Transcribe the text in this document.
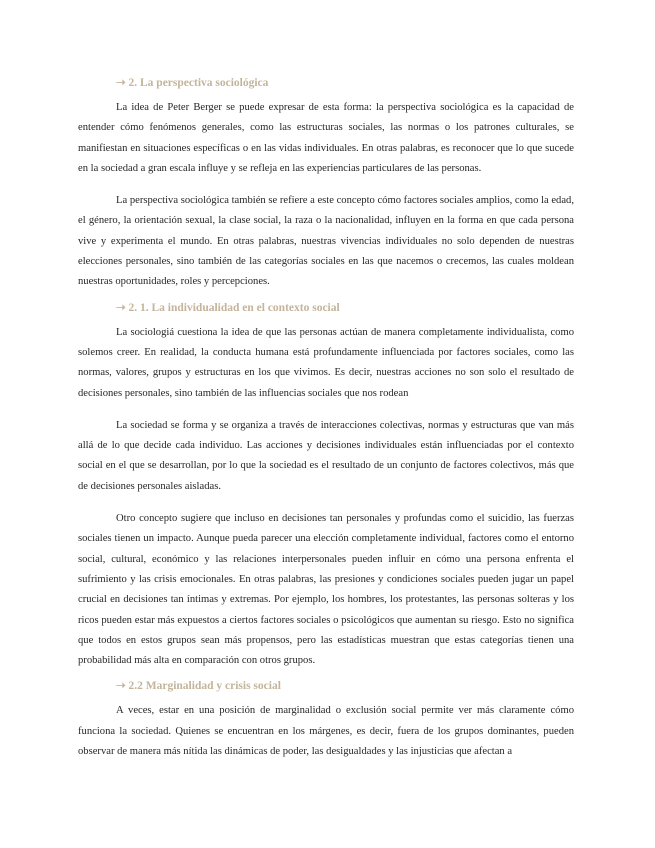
➝ 2. La perspectiva sociológica

La idea de Peter Berger se puede expresar de esta forma: la perspectiva sociológica es la capacidad de entender cómo fenómenos generales, como las estructuras sociales, las normas o los patrones culturales, se manifiestan en situaciones específicas o en las vidas individuales. En otras palabras, es reconocer que lo que sucede en la sociedad a gran escala influye y se refleja en las experiencias particulares de las personas.

La perspectiva sociológica también se refiere a este concepto cómo factores sociales amplios, como la edad, el género, la orientación sexual, la clase social, la raza o la nacionalidad, influyen en la forma en que cada persona vive y experimenta el mundo. En otras palabras, nuestras vivencias individuales no solo dependen de nuestras elecciones personales, sino también de las categorías sociales en las que nacemos o crecemos, las cuales moldean nuestras oportunidades, roles y percepciones.

➝ 2. 1. La individualidad en el contexto social

La sociologiá cuestiona la idea de que las personas actúan de manera completamente individualista, como solemos creer. En realidad, la conducta humana está profundamente influenciada por factores sociales, como las normas, valores, grupos y estructuras en los que vivimos. Es decir, nuestras acciones no son solo el resultado de decisiones personales, sino también de las influencias sociales que nos rodean

La sociedad se forma y se organiza a través de interacciones colectivas, normas y estructuras que van más allá de lo que decide cada individuo. Las acciones y decisiones individuales están influenciadas por el contexto social en el que se desarrollan, por lo que la sociedad es el resultado de un conjunto de factores colectivos, más que de decisiones personales aisladas.

Otro concepto sugiere que incluso en decisiones tan personales y profundas como el suicidio, las fuerzas sociales tienen un impacto. Aunque pueda parecer una elección completamente individual, factores como el entorno social, cultural, económico y las relaciones interpersonales pueden influir en cómo una persona enfrenta el sufrimiento y las crisis emocionales. En otras palabras, las presiones y condiciones sociales pueden jugar un papel crucial en decisiones tan íntimas y extremas. Por ejemplo, los hombres, los protestantes, las personas solteras y los ricos pueden estar más expuestos a ciertos factores sociales o psicológicos que aumentan su riesgo. Esto no significa que todos en estos grupos sean más propensos, pero las estadísticas muestran que estas categorías tienen una probabilidad más alta en comparación con otros grupos.

➝ 2.2 Marginalidad y crisis social

A veces, estar en una posición de marginalidad o exclusión social permite ver más claramente cómo funciona la sociedad. Quienes se encuentran en los márgenes, es decir, fuera de los grupos dominantes, pueden observar de manera más nítida las dinámicas de poder, las desigualdades y las injusticias que afectan a
